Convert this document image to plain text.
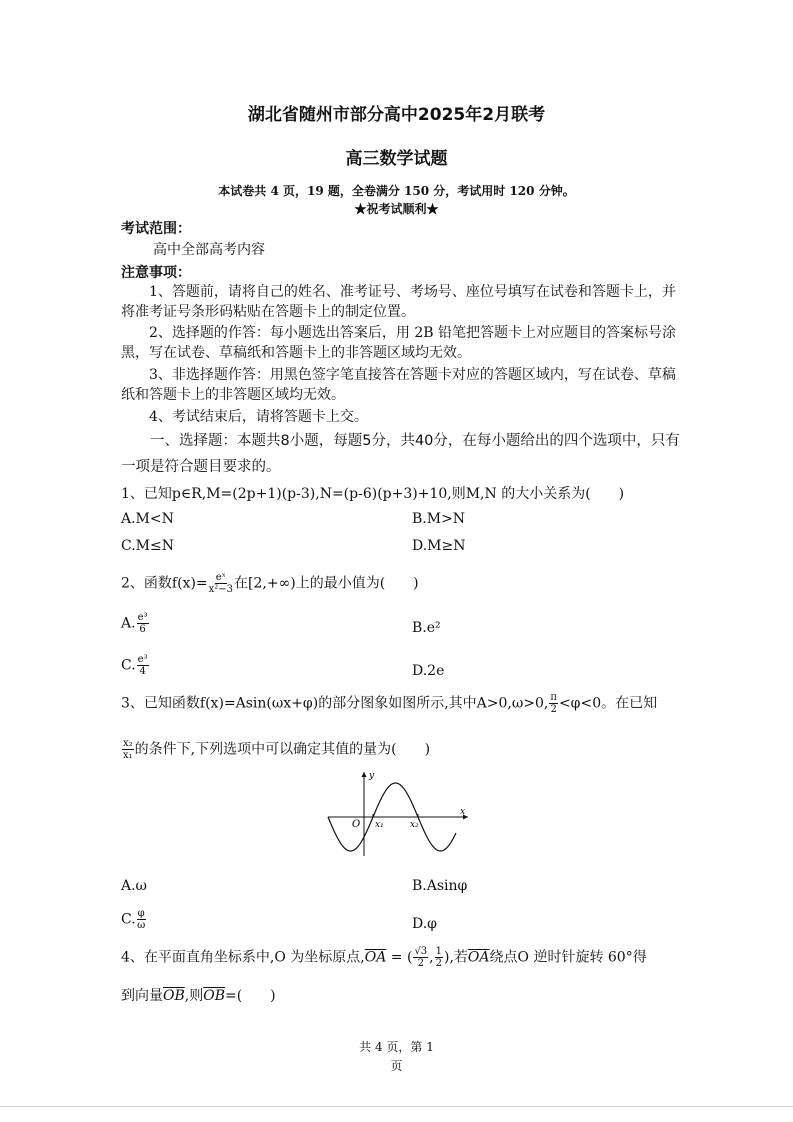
湖北省随州市部分高中2025年2月联考
高三数学试题
本试卷共 4 页，19 题，全卷满分 150 分，考试用时 120 分钟。
★祝考试顺利★
考试范围：
高中全部高考内容
注意事项：
1、答题前，请将自己的姓名、准考证号、考场号、座位号填写在试卷和答题卡上，并将准考证号条形码粘贴在答题卡上的制定位置。
2、选择题的作答：每小题选出答案后，用 2B 铅笔把答题卡上对应题目的答案标号涂黑，写在试卷、草稿纸和答题卡上的非答题区域均无效。
3、非选择题作答：用黑色签字笔直接答在答题卡对应的答题区域内，写在试卷、草稿纸和答题卡上的非答题区域均无效。
4、考试结束后，请将答题卡上交。
一、选择题：本题共8小题，每题5分，共40分，在每小题给出的四个选项中，只有一项是符合题目要求的。
1、已知p∈R,M=(2p+1)(p-3),N=(p-6)(p+3)+10,则M,N 的大小关系为(　　)
A.M<N	B.M>N
C.M≤N	D.M≥N
2、函数$f(x)= \frac{\text{eˣ}}{\text{x²−3}}$ 在[2,+∞)上的最小值为(　　)
A. $\frac{\text{e³}}{6}$	B.e²
C. $\frac{\text{e³}}{4}$	D.2e
3、已知函数f(x)=Asin(ωx+φ)的部分图象如图所示,其中A>0,ω>0, $\frac{\pi}{2} <\varphi<0$。在已知
$\frac{\text{x₂}}{\text{x₁}}$ 的条件下,下列选项中可以确定其值的量为(　　)
y
x
O x₁	x₂
A.ω	B.Asinφ
C. $\frac{\varphi}{\omega}$	D.φ
4、在平面直角坐标系中,O 为坐标原点$,\overline{OA}$ = ( $\frac{√3}{2}$ , $\frac{1}{2}$ ),若$\overline{OA}$绕点O 逆时针旋转 60°得
到向量$\overline{OB}$,则$\overline{OB}=$(　　)
共 4 页，第 1
页
